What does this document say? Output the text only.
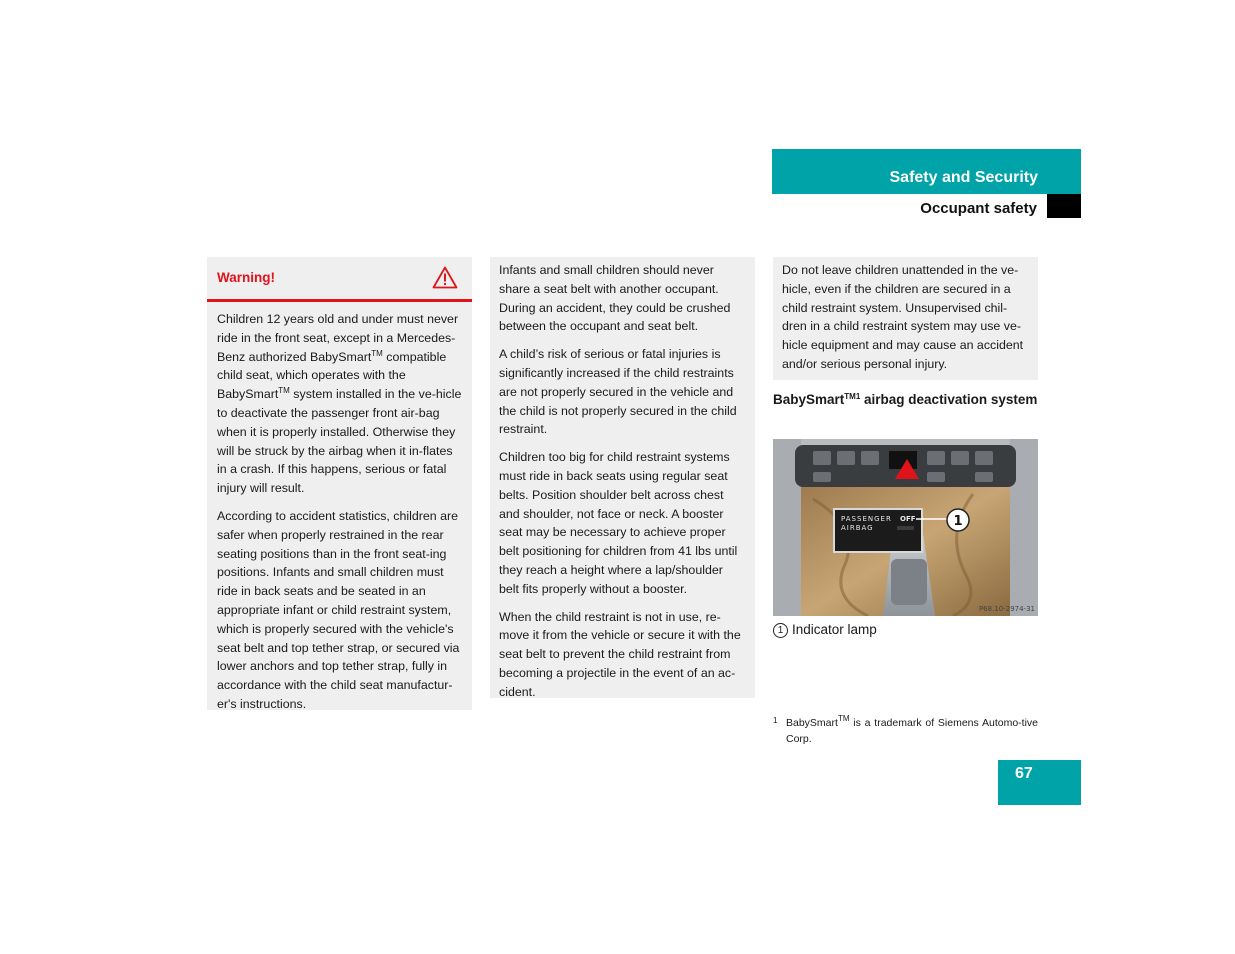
Safety and Security
Occupant safety
Warning!

Children 12 years old and under must never ride in the front seat, except in a Mercedes-Benz authorized BabySmart™ compatible child seat, which operates with the BabySmart™ system installed in the ve-hicle to deactivate the passenger front air-bag when it is properly installed. Otherwise they will be struck by the airbag when it in-flates in a crash. If this happens, serious or fatal injury will result.

According to accident statistics, children are safer when properly restrained in the rear seating positions than in the front seat-ing positions. Infants and small children must ride in back seats and be seated in an appropriate infant or child restraint system, which is properly secured with the vehicle's seat belt and top tether strap, or secured via lower anchors and top tether strap, fully in accordance with the child seat manufactur-er's instructions.

Infants and small children should never share a seat belt with another occupant. During an accident, they could be crushed between the occupant and seat belt.

A child’s risk of serious or fatal injuries is significantly increased if the child restraints are not properly secured in the vehicle and the child is not properly secured in the child restraint.

Children too big for child restraint systems must ride in back seats using regular seat belts. Position shoulder belt across chest and shoulder, not face or neck. A booster seat may be necessary to achieve proper belt positioning for children from 41 lbs until they reach a height where a lap/shoulder belt fits properly without a booster.

When the child restraint is not in use, re-move it from the vehicle or secure it with the seat belt to prevent the child restraint from becoming a projectile in the event of an ac-cident.

Do not leave children unattended in the ve-hicle, even if the children are secured in a child restraint system. Unsupervised chil-dren in a child restraint system may use ve-hicle equipment and may cause an accident and/or serious personal injury.

BabySmart$^{TM1}$ airbag deactivation system
PASSENGER
AIRBAG
OFF	1
P68.10-2974-31
1 Indicator lamp
1 BabySmart™ is a trademark of Siemens Automo-tive Corp.
67
